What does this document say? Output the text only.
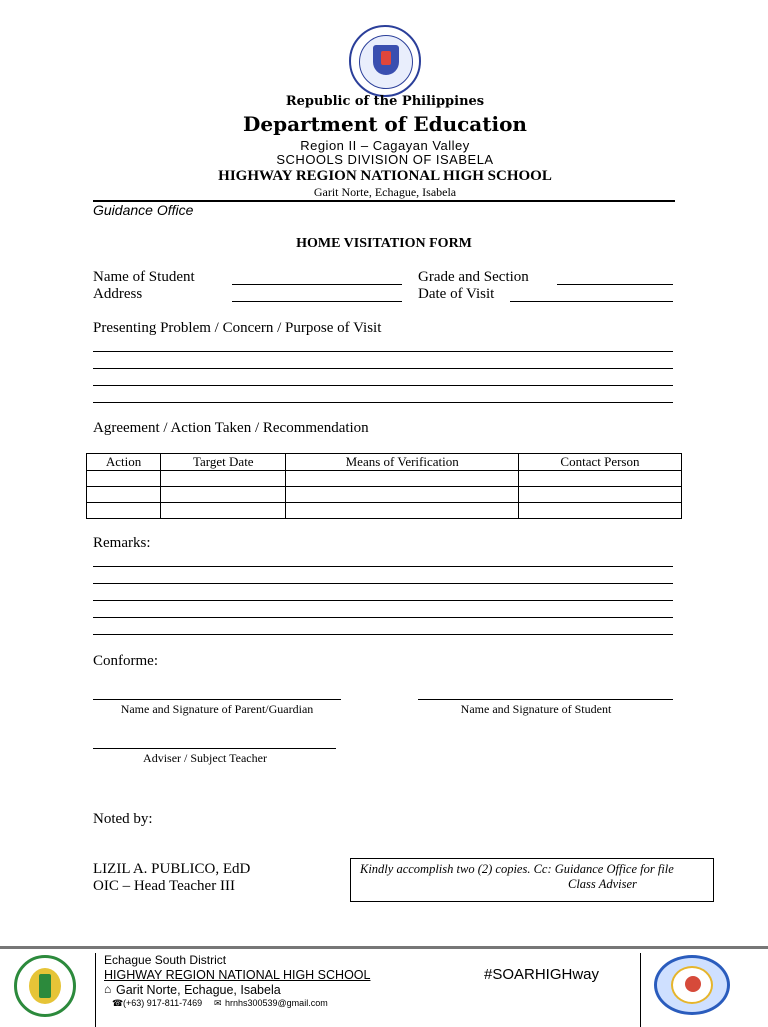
Republic of the Philippines
Department of Education
Region II – Cagayan Valley
SCHOOLS DIVISION OF ISABELA
HIGHWAY REGION NATIONAL HIGH SCHOOL
Garit Norte, Echague, Isabela
Guidance Office
HOME VISITATION FORM
Name of Student	Grade and Section
Address	Date of Visit
Presenting Problem / Concern / Purpose of Visit
Agreement / Action Taken / Recommendation
Action	Target Date	Means of Verification	Contact Person

Remarks:
Conforme:
Name and Signature of Parent/Guardian	Name and Signature of Student
Adviser / Subject Teacher
Noted by:
LIZIL A. PUBLICO, EdD
OIC – Head Teacher III
Kindly accomplish two (2) copies. Cc: Guidance Office for file
Class Adviser
Echague South District
HIGHWAY REGION NATIONAL HIGH SCHOOL
⌂ Garit Norte, Echague, Isabela
☎ (+63) 917-811-7469 ✉ hrnhs300539@gmail.com
#SOARHIGHway
